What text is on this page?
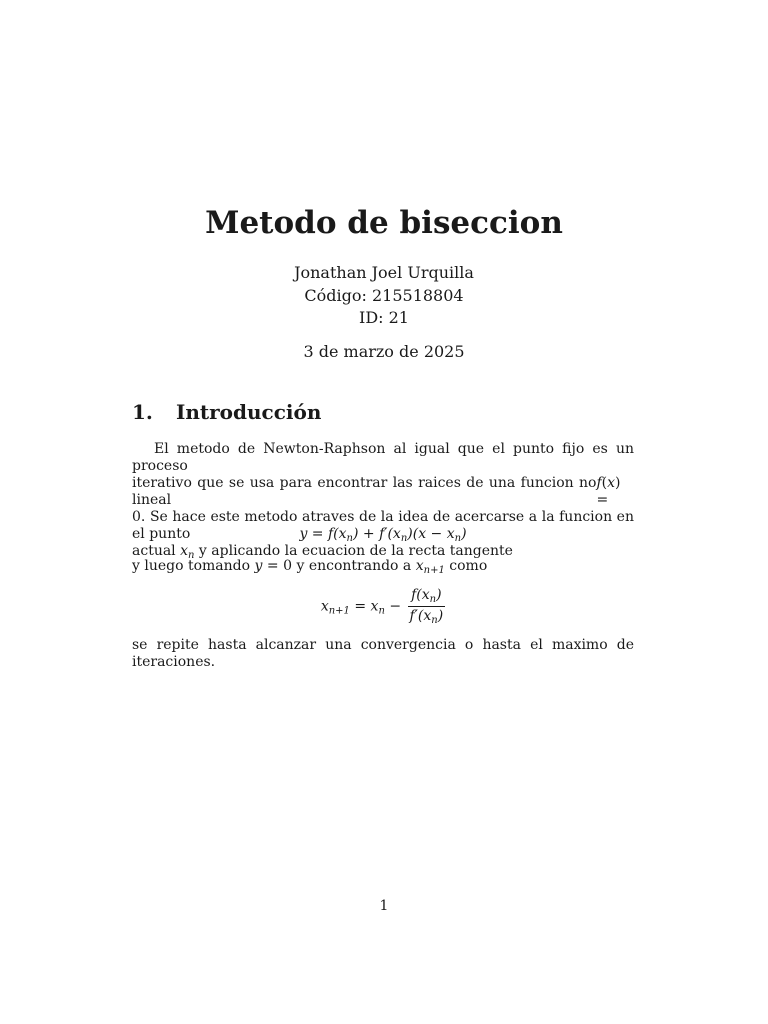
Metodo de biseccion
Jonathan Joel Urquilla
Código: 215518804
ID: 21
3 de marzo de 2025
1. Introducción
El metodo de Newton-Raphson al igual que el punto fijo es un proceso
iterativo que se usa para encontrar las raices de una funcion no lineal
f(x) =
0. Se hace este metodo atraves de la idea de acercarse a la funcion en el punto
actual $x_n$ y aplicando la ecuacion de la recta tangente
$y = f(x_n) + f'(x_n)(x - x_n)$
y luego tomando y = 0 y encontrando a $x_{n+1}$ como
$x_{n+1} = x_n - \frac{f(x_n)}{f'(x_n)}$
se repite hasta alcanzar una convergencia o hasta el maximo de iteraciones.
1
